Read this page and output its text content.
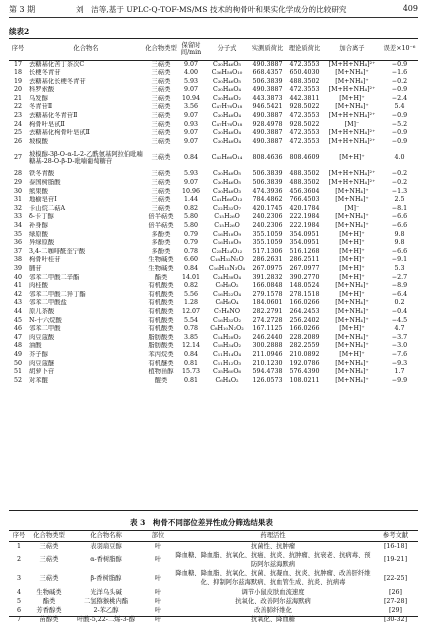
第 3 期	刘　洁等,基于 UPLC-Q-TOF-MS/MS 技术的枸骨叶和果实化学成分的比较研究	409
续表2
序号	化合物名	化合物类型	保留时间/min	分子式	实测质荷比	理论质荷比	加合离子	误差×10⁻⁶
17	去糖基化苦丁茶次C	三萜类	9.07	C₃₀H₄₆O₅	490.3887	472.3553	[M+H+NH₄]²⁺	−0.9
18	长梗冬青苷	三萜类	4.00	C₃₆H₅₈O₁₀	668.4357	650.4030	[M+NH₄]⁺	−1.6
19	去糖基化长梗冬青苷	三萜类	5.93	C₃₀H₄₆O₅	506.3839	488.3502	[M+NH₄]⁺	−0.2
20	科罗索酸	三萜类	9.07	C₃₀H₄₈O₄	490.3887	472.3553	[M+H+NH₄]²⁺	−0.9
21	乌发醇	三萜类	10.94	C₃₀H₄₈O₂	443.3873	442.3811	[M+H]⁺	−2.4
22	冬青苷Ⅱ	三萜类	3.56	C₄₇H₇₆O₁₈	946.5421	928.5022	[M+NH₄]⁺	5.4
23	去糖基化冬青苷Ⅱ	三萜类	9.07	C₃₀H₄₈O₄	490.3887	472.3553	[M+H+NH₄]²⁺	−0.9
24	枸骨叶皂甙Ⅱ	三萜类	0.93	C₄₇H₇₆O₁₈	928.4978	928.5022	[M]⁻	−5.2
25	去糖基化枸骨叶皂甙Ⅱ	三萜类	9.07	C₃₀H₄₈O₄	490.3887	472.3553	[M+H+NH₄]²⁺	−0.9
26	坡模酸	三萜类	9.07	C₃₀H₄₈O₄	490.3887	472.3553	[M+H+NH₄]²⁺	−0.9
27	坡模醇-3β-O-α-L-2-乙酰氨基阿拉伯吡喃糖基-28-O-β-D-吡喃葡萄糖苷	三萜类	0.84	C₄₂H₆₆O₁₄	808.4636	808.4609	[M+H]⁺	4.0
28	铁冬青酸	三萜类	5.93	C₃₀H₄₈O₅	506.3839	488.3502	[M+H+NH₄]²⁺	−0.2
29	泰国树脂酸	三萜类	9.07	C₃₀H₄₆O₅	506.3839	488.3502	[M+H+NH₄]²⁺	−0.2
30	熊果酸	三萜类	10.96	C₃₀H₄₈O₃	474.3936	456.3604	[M+NH₄]⁺	−1.3
31	地榆皂苷Ⅰ	三萜类	1.44	C₄₁H₆₆O₁₃	784.4862	766.4503	[M+NH₄]⁺	2.5
32	卡山烷二萜A	三萜类	0.82	C₂₂H₃₂O₇	420.1745	420.1784	[M]⁻	−8.1
33	δ-卡丁醇	倍半萜类	5.80	C₁₅H₂₆O	240.2306	222.1984	[M+NH₄]⁺	−6.6
34	补身醇	倍半萜类	5.80	C₁₅H₂₆O	240.2306	222.1984	[M+NH₄]⁺	−6.6
35	绿原酸	多酚类	0.79	C₁₆H₁₈O₉	355.1059	354.0951	[M+H]⁺	9.8
36	异绿原酸	多酚类	0.79	C₁₆H₁₈O₉	355.1059	354.0951	[M+H]⁺	9.8
37	3,4-二咖啡酰奎宁酸	多酚类	0.78	C₂₅H₂₄O₁₂	517.1306	516.1268	[M+H]⁺	−6.6
38	枸骨叶桂苷	生物碱类	6.60	C₁₈H₃₂N₂O	286.2631	286.2511	[M+H]⁺	−9.1
39	脯苷	生物碱类	0.84	C₁₆H₁₅N₃O₄	267.0975	267.0977	[M+H]⁺	5.3
40	邻苯二甲酸二辛酯	酯类	14.01	C₂₄H₃₈O₄	391.2832	390.2770	[M+H]⁺	−2.7
41	肉桂酸	有机酸类	0.82	C₉H₈O₂	166.0848	148.0524	[M+NH₄]⁺	−8.9
42	邻苯二甲酸二异丁酯	有机酸类	5.56	C₁₆H₂₂O₄	279.1578	278.1518	[M+H]⁺	−6.4
43	邻苯二甲酸盐	有机酸类	1.28	C₈H₆O₄	184.0601	166.0266	[M+NH₄]⁺	0.2
44	原儿茶酸	有机酸类	12.07	C₇H₆NO	282.2791	264.2453	[M+NH₄]⁺	−0.4
45	N-十六烷酸	有机酸类	5.54	C₁₆H₃₂O₂	274.2728	256.2402	[M+NH₄]⁺	−4.5
46	邻苯二甲酸	有机酸类	0.78	C₈H₁₀N₂O₂	167.1125	166.0266	[M+H]⁺	4.7
47	肉豆蔻酸	脂肪酸类	3.85	C₁₄H₂₈O₂	246.2440	228.2089	[M+NH₄]⁺	−3.7
48	油酸	脂肪酸类	12.14	C₁₈H₃₄O₂	300.2888	282.2559	[M+NH₄]⁺	−3.0
49	芥子醇	苯丙烷类	0.84	C₁₁H₁₄O₄	211.0946	210.0892	[M+H]⁺	−7.6
50	肉豆蔻醚	有机醚类	0.81	C₁₁H₁₂O₃	210.1230	192.0786	[M+NH₄]⁺	−9.3
51	胡萝卜苷	植物甾醇	15.73	C₃₅H₆₀O₆	594.4738	576.4390	[M+NH₄]⁺	1.7
52	对苯醌	醌类	0.81	C₆H₄O₂	126.0573	108.0211	[M+NH₄]⁺	−9.9
表 3　枸骨不同部位差异性成分筛选结果表
序号	化合物类型	化合物名称	部位	药理活性	参考文献
1	三萜类	表羽扇豆醇	叶	抗菌性、抗肿瘤	[16-18]
2	三萜类	α-香树脂醇	叶	降血糖、降血脂、抗氧化、抗癌、抗炎、抗肿瘤、抗衰老、抗病毒、预防阿尔兹海默病	[19-21]
3	三萜类	β-香树脂醇	叶	降血糖、降血脂、抗氧化、抗菌、抗凝血、抗炎、抗肿瘤、改善肝纤维化、抑制阿尔兹海默病、抗血管生成、抗炎、抗病毒	[22-25]
4	生物碱类	光洋乌头碱	叶	调节小鼠皮肤血流速度	[26]
5	酯类	二氢猕猴桃内酯	叶	抗氧化、改善阿尔兹海默病	[27-28]
6	芳香醇类	2-苯乙醇	叶	改善肺纤维化	[29]
7	苗醇类	叶酸-5,22-二烯-3-醇	叶	抗氧化、降血糖	[30-32]
